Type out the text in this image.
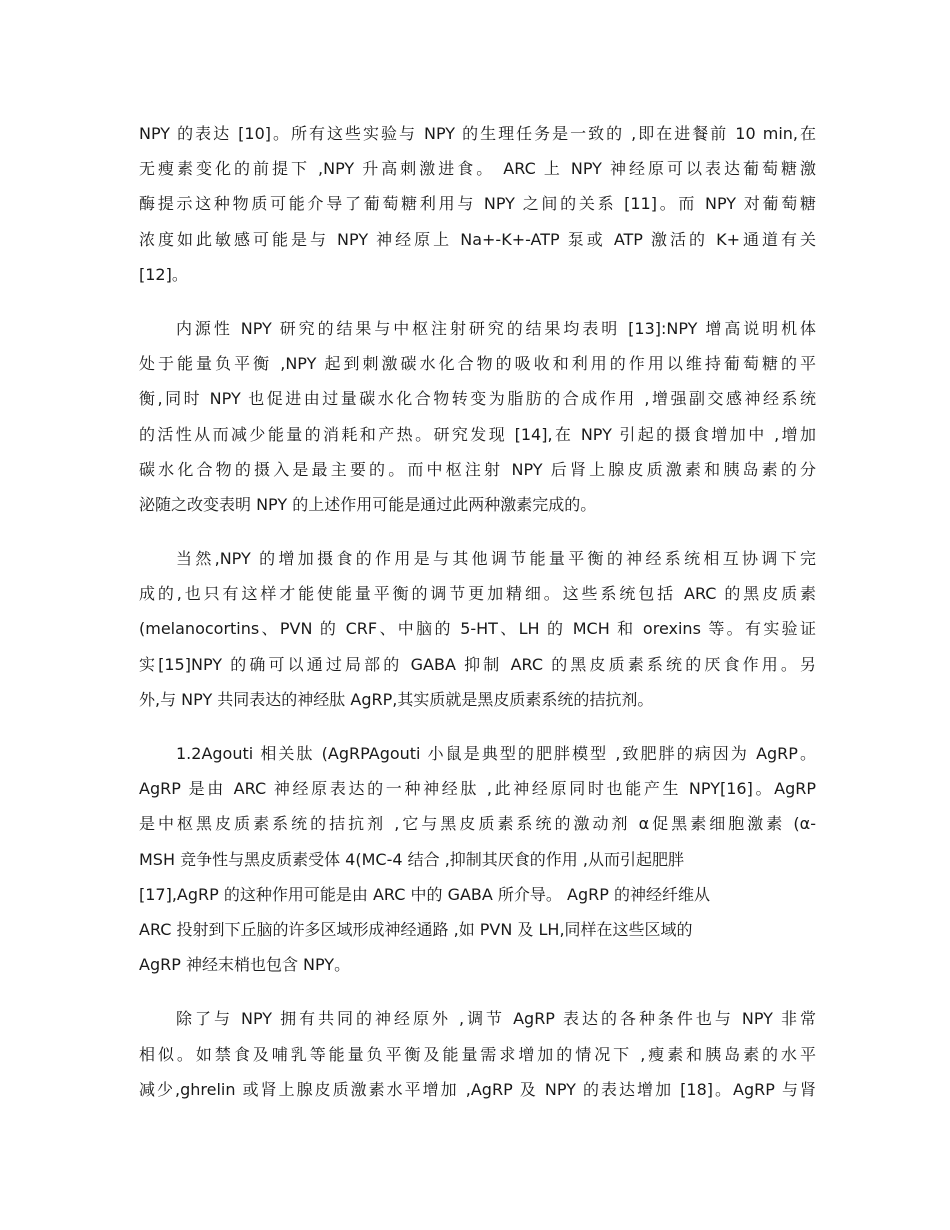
NPY 的表达 [10]。所有这些实验与 NPY 的生理任务是一致的 ,即在进餐前 10 min,在
无瘦素变化的前提下 ,NPY 升高刺激进食。 ARC 上 NPY 神经原可以表达葡萄糖激
酶提示这种物质可能介导了葡萄糖利用与 NPY 之间的关系 [11]。而 NPY 对葡萄糖
浓度如此敏感可能是与 NPY 神经原上 Na+-K+-ATP 泵或 ATP 激活的 K+通道有关
[12]。
内源性 NPY 研究的结果与中枢注射研究的结果均表明 [13]:NPY 增高说明机体
处于能量负平衡 ,NPY 起到刺激碳水化合物的吸收和利用的作用以维持葡萄糖的平
衡,同时 NPY 也促进由过量碳水化合物转变为脂肪的合成作用 ,增强副交感神经系统
的活性从而减少能量的消耗和产热。研究发现 [14],在 NPY 引起的摄食增加中 ,增加
碳水化合物的摄入是最主要的。而中枢注射 NPY 后肾上腺皮质激素和胰岛素的分
泌随之改变表明 NPY 的上述作用可能是通过此两种激素完成的。
当然,NPY 的增加摄食的作用是与其他调节能量平衡的神经系统相互协调下完
成的,也只有这样才能使能量平衡的调节更加精细。这些系统包括 ARC 的黑皮质素
(melanocortins、PVN 的 CRF、中脑的 5-HT、LH 的 MCH 和 orexins 等。有实验证
实[15]NPY 的确可以通过局部的 GABA 抑制 ARC 的黑皮质素系统的厌食作用。另
外,与 NPY 共同表达的神经肽 AgRP,其实质就是黑皮质素系统的拮抗剂。
1.2Agouti 相关肽 (AgRPAgouti 小鼠是典型的肥胖模型 ,致肥胖的病因为 AgRP。
AgRP 是由 ARC 神经原表达的一种神经肽 ,此神经原同时也能产生 NPY[16]。AgRP
是中枢黑皮质素系统的拮抗剂 ,它与黑皮质素系统的激动剂 α促黑素细胞激素 (α-
MSH 竞争性与黑皮质素受体 4(MC-4 结合 ,抑制其厌食的作用 ,从而引起肥胖
[17],AgRP 的这种作用可能是由 ARC 中的 GABA 所介导。 AgRP 的神经纤维从
ARC 投射到下丘脑的许多区域形成神经通路 ,如 PVN 及 LH,同样在这些区域的
AgRP 神经末梢也包含 NPY。
除了与 NPY 拥有共同的神经原外 ,调节 AgRP 表达的各种条件也与 NPY 非常
相似。如禁食及哺乳等能量负平衡及能量需求增加的情况下 ,瘦素和胰岛素的水平
减少,ghrelin 或肾上腺皮质激素水平增加 ,AgRP 及 NPY 的表达增加 [18]。AgRP 与肾
